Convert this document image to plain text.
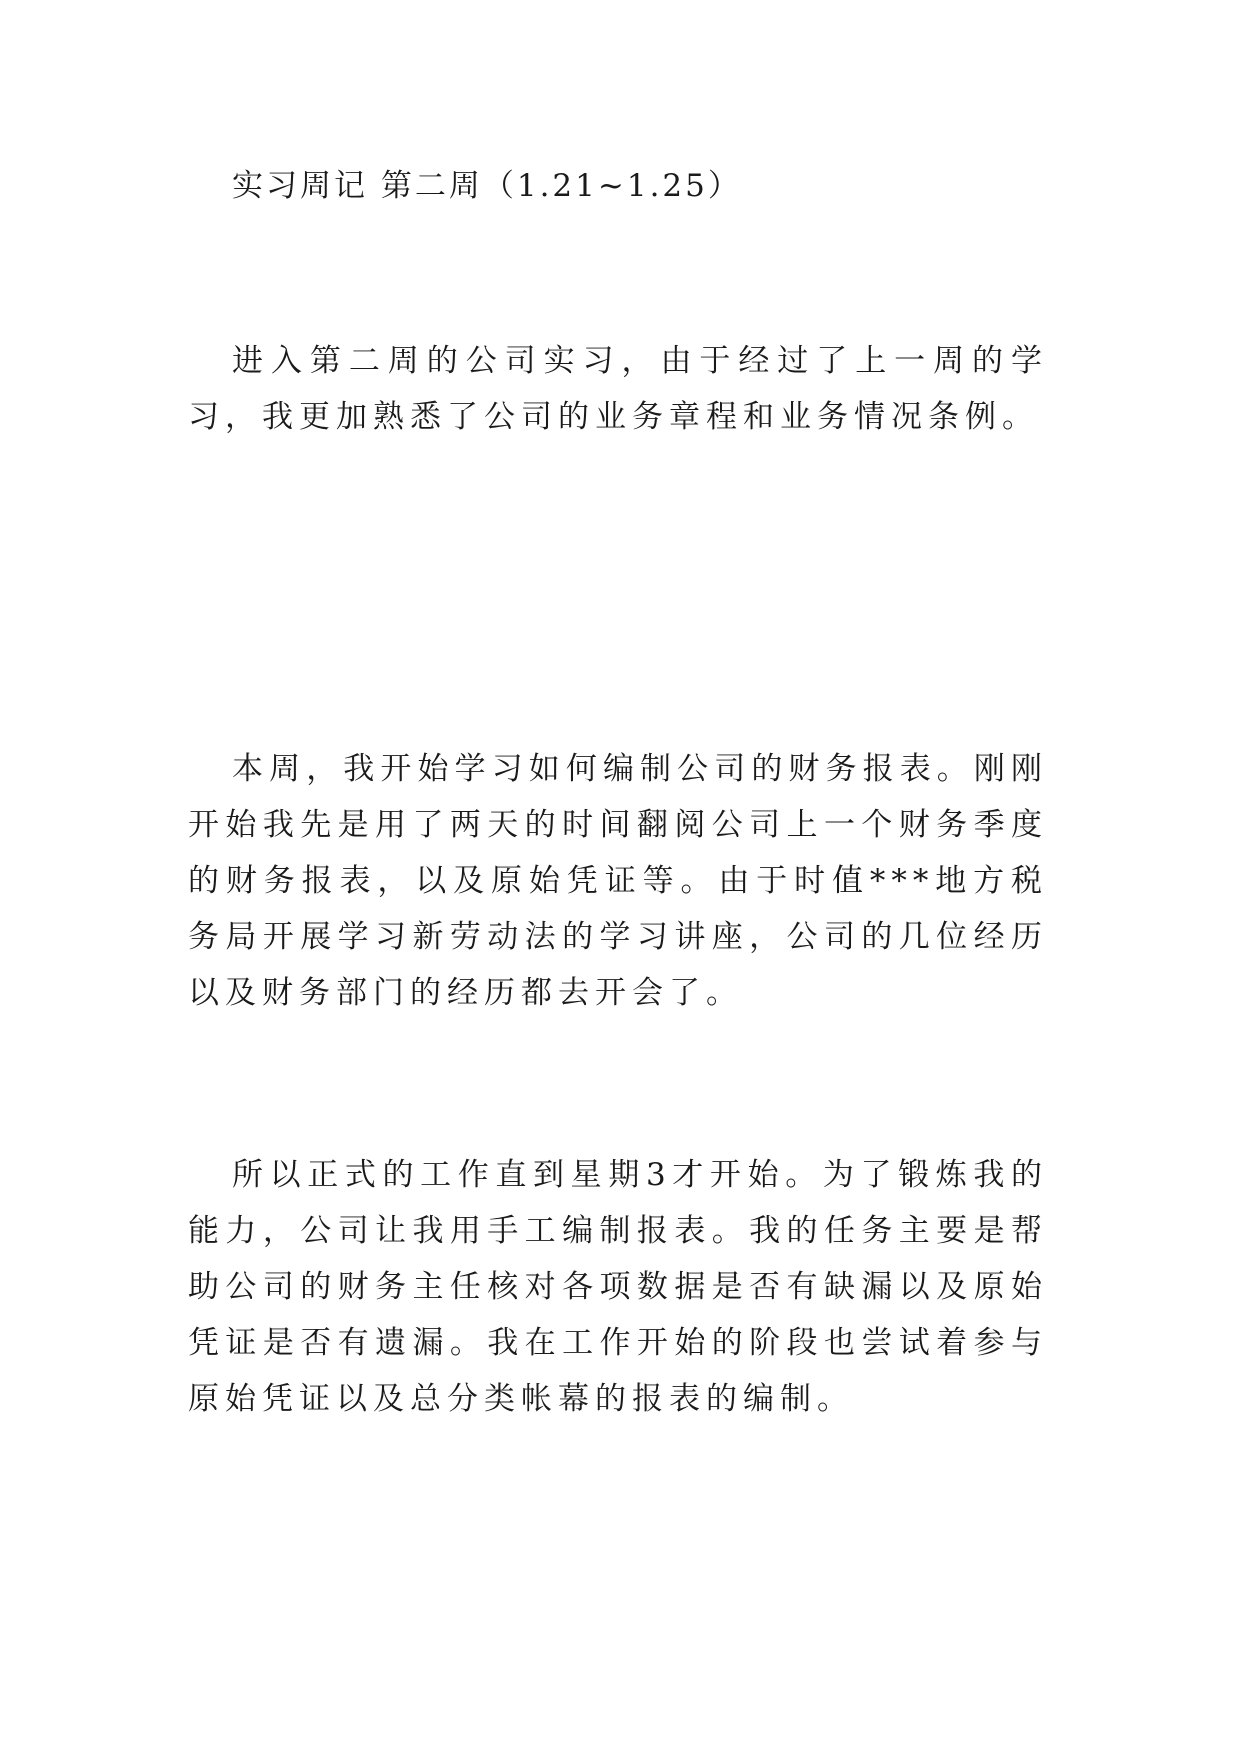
实习周记 第二周（1.21~1.25）

进入第二周的公司实习，由于经过了上一周的学习，我更加熟悉了公司的业务章程和业务情况条例。

本周，我开始学习如何编制公司的财务报表。刚刚开始我先是用了两天的时间翻阅公司上一个财务季度的财务报表，以及原始凭证等。由于时值***地方税务局开展学习新劳动法的学习讲座，公司的几位经历以及财务部门的经历都去开会了。

所以正式的工作直到星期3才开始。为了锻炼我的能力，公司让我用手工编制报表。我的任务主要是帮助公司的财务主任核对各项数据是否有缺漏以及原始凭证是否有遗漏。我在工作开始的阶段也尝试着参与原始凭证以及总分类帐幕的报表的编制。
